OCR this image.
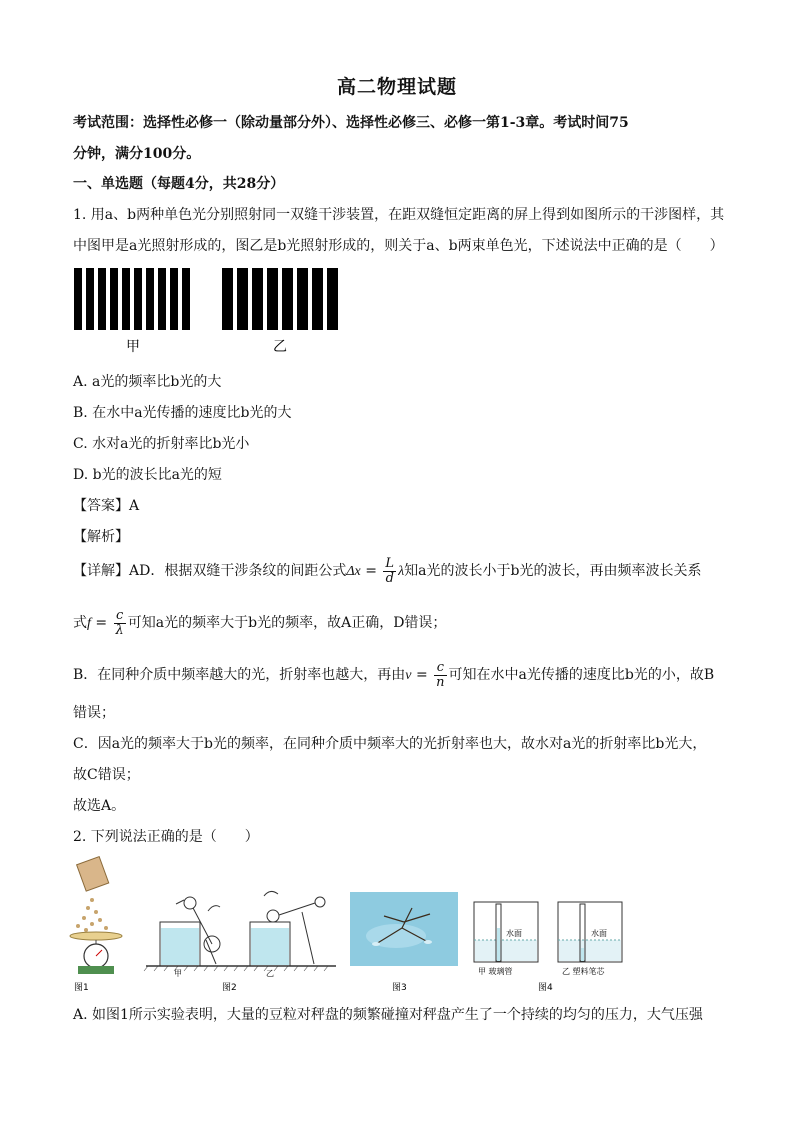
高二物理试题
考试范围：选择性必修一（除动量部分外）、选择性必修三、必修一第1-3章。考试时间75
分钟，满分100分。
一、单选题（每题4分，共28分）
1. 用a、b两种单色光分别照射同一双缝干涉装置，在距双缝恒定距离的屏上得到如图所示的干涉图样，其
中图甲是a光照射形成的，图乙是b光照射形成的，则关于a、b两束单色光，下述说法中正确的是（　　）
甲	乙
A. a光的频率比b光的大
B. 在水中a光传播的速度比b光的大
C. 水对a光的折射率比b光小
D. b光的波长比a光的短
【答案】A
【解析】
【详解】AD．根据双缝干涉条纹的间距公式$\Delta x = \frac{L}{d}$ λ知a光的波长小于b光的波长，再由频率波长关系
式$f = \frac{c}{\lambda}$ 可知a光的频率大于b光的频率，故A正确，D错误；
B．在同种介质中频率越大的光，折射率也越大，再由$v = \frac{c}{n}$ 可知在水中a光传播的速度比b光的小，故B
错误；
C．因a光的频率大于b光的频率，在同种介质中频率大的光折射率也大，故水对a光的折射率比b光大，
故C错误；
故选A。
2. 下列说法正确的是（　　）
图1
甲	乙
图2	图3
水面	水面
甲 玻璃管	乙 塑料笔芯
图4
A. 如图1所示实验表明，大量的豆粒对秤盘的频繁碰撞对秤盘产生了一个持续的均匀的压力，大气压强
